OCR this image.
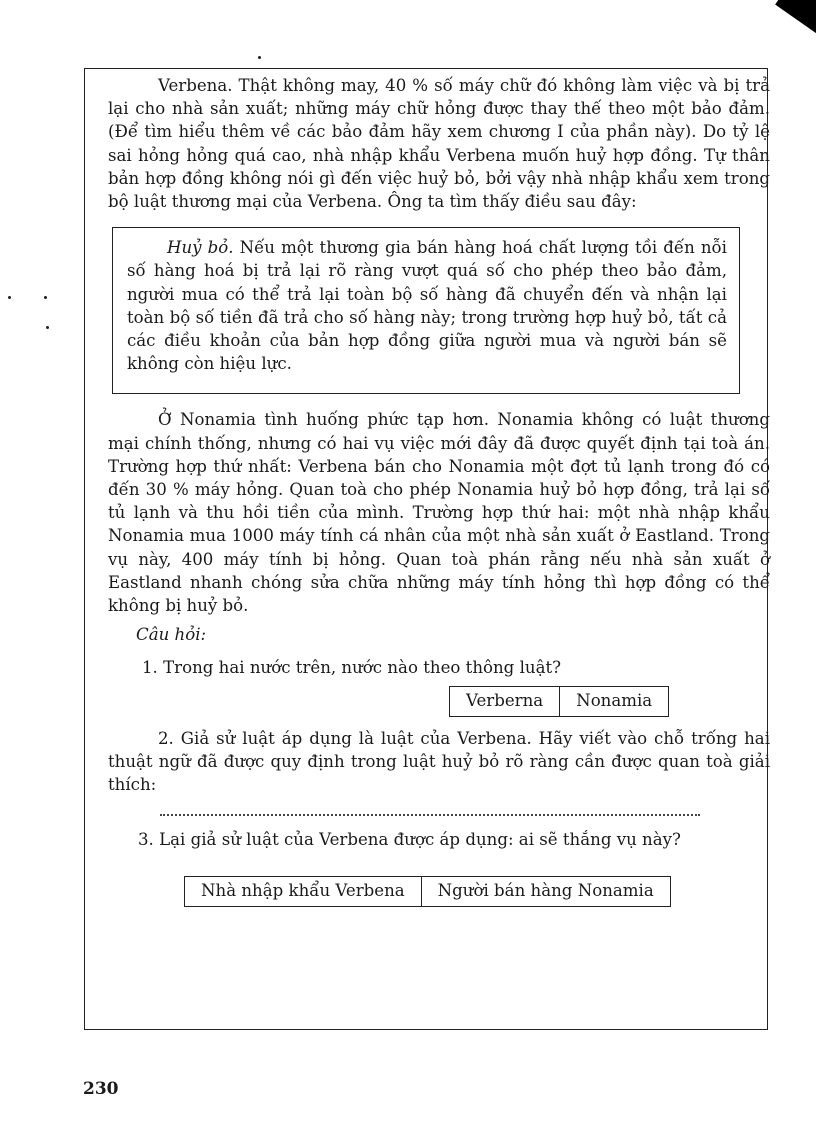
Verbena. Thật không may, 40 % số máy chữ đó không làm việc và bị trả lại cho nhà sản xuất; những máy chữ hỏng được thay thế theo một bảo đảm. (Để tìm hiểu thêm về các bảo đảm hãy xem chương I của phần này). Do tỷ lệ sai hỏng hỏng quá cao, nhà nhập khẩu Verbena muốn huỷ hợp đồng. Tự thân bản hợp đồng không nói gì đến việc huỷ bỏ, bởi vậy nhà nhập khẩu xem trong bộ luật thương mại của Verbena. Ông ta tìm thấy điều sau đây:

Huỷ bỏ. Nếu một thương gia bán hàng hoá chất lượng tồi đến nỗi số hàng hoá bị trả lại rõ ràng vượt quá số cho phép theo bảo đảm, người mua có thể trả lại toàn bộ số hàng đã chuyển đến và nhận lại toàn bộ số tiền đã trả cho số hàng này; trong trường hợp huỷ bỏ, tất cả các điều khoản của bản hợp đồng giữa người mua và người bán sẽ không còn hiệu lực.

Ở Nonamia tình huống phức tạp hơn. Nonamia không có luật thương mại chính thống, nhưng có hai vụ việc mới đây đã được quyết định tại toà án. Trường hợp thứ nhất: Verbena bán cho Nonamia một đợt tủ lạnh trong đó có đến 30 % máy hỏng. Quan toà cho phép Nonamia huỷ bỏ hợp đồng, trả lại số tủ lạnh và thu hồi tiền của mình. Trường hợp thứ hai: một nhà nhập khẩu Nonamia mua 1000 máy tính cá nhân của một nhà sản xuất ở Eastland. Trong vụ này, 400 máy tính bị hỏng. Quan toà phán rằng nếu nhà sản xuất ở Eastland nhanh chóng sửa chữa những máy tính hỏng thì hợp đồng có thể không bị huỷ bỏ.

Câu hỏi:

1. Trong hai nước trên, nước nào theo thông luật?

Verberna	Nonamia

2. Giả sử luật áp dụng là luật của Verbena. Hãy viết vào chỗ trống hai thuật ngữ đã được quy định trong luật huỷ bỏ rõ ràng cần được quan toà giải thích:

3. Lại giả sử luật của Verbena được áp dụng: ai sẽ thắng vụ này?

Nhà nhập khẩu Verbena	Người bán hàng Nonamia
230
